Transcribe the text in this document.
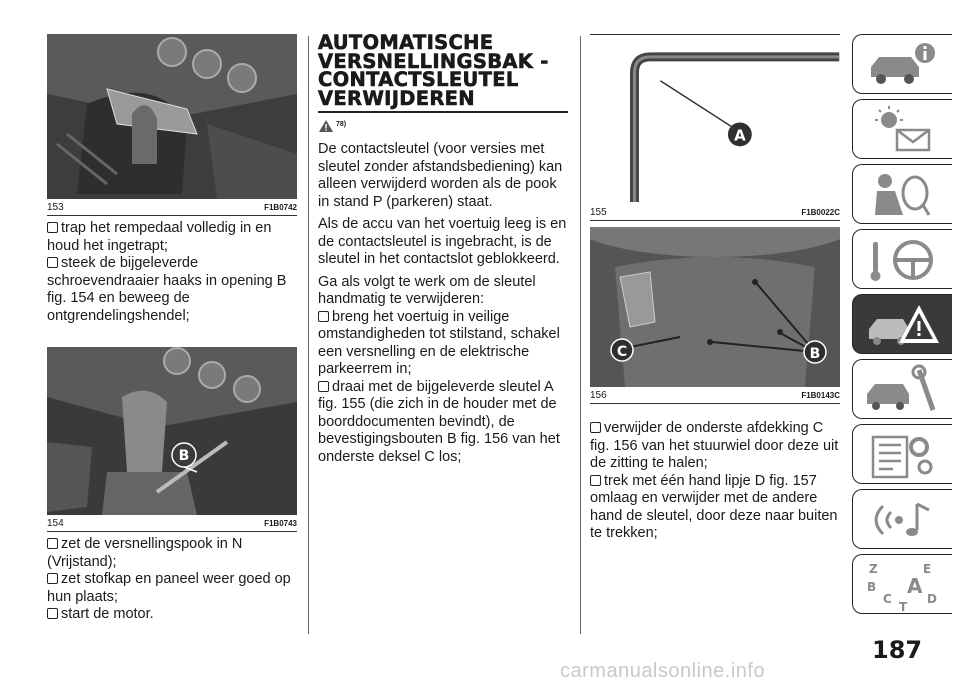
153	F1B0742
trap het rempedaal volledig in en houd het ingetrapt;
steek de bijgeleverde schroevendraaier haaks in opening B fig. 154 en beweeg de ontgrendelingshendel;
B
154	F1B0743
zet de versnellingspook in N (Vrijstand);
zet stofkap en paneel weer goed op hun plaats;
start de motor.
AUTOMATISCHE VERSNELLINGSBAK - CONTACTSLEUTEL VERWIJDEREN
78)
De contactsleutel (voor versies met sleutel zonder afstandsbediening) kan alleen verwijderd worden als de pook in stand P (parkeren) staat.
Als de accu van het voertuig leeg is en de contactsleutel is ingebracht, is de sleutel in het contactslot geblokkeerd.
Ga als volgt te werk om de sleutel handmatig te verwijderen:
breng het voertuig in veilige omstandigheden tot stilstand, schakel een versnelling en de elektrische parkeerrem in;
draai met de bijgeleverde sleutel A fig. 155 (die zich in de houder met de boorddocumenten bevindt), de bevestigingsbouten B fig. 156 van het onderste deksel C los;
A
155	F1B0022C
B
C
156	F1B0143C
verwijder de onderste afdekking C fig. 156 van het stuurwiel door deze uit de zitting te halen;
trek met één hand lipje D fig. 157 omlaag en verwijder met de andere hand de sleutel, door deze naar buiten te trekken;
Z	E
B A
C	D
T
187
carmanualsonline.info
